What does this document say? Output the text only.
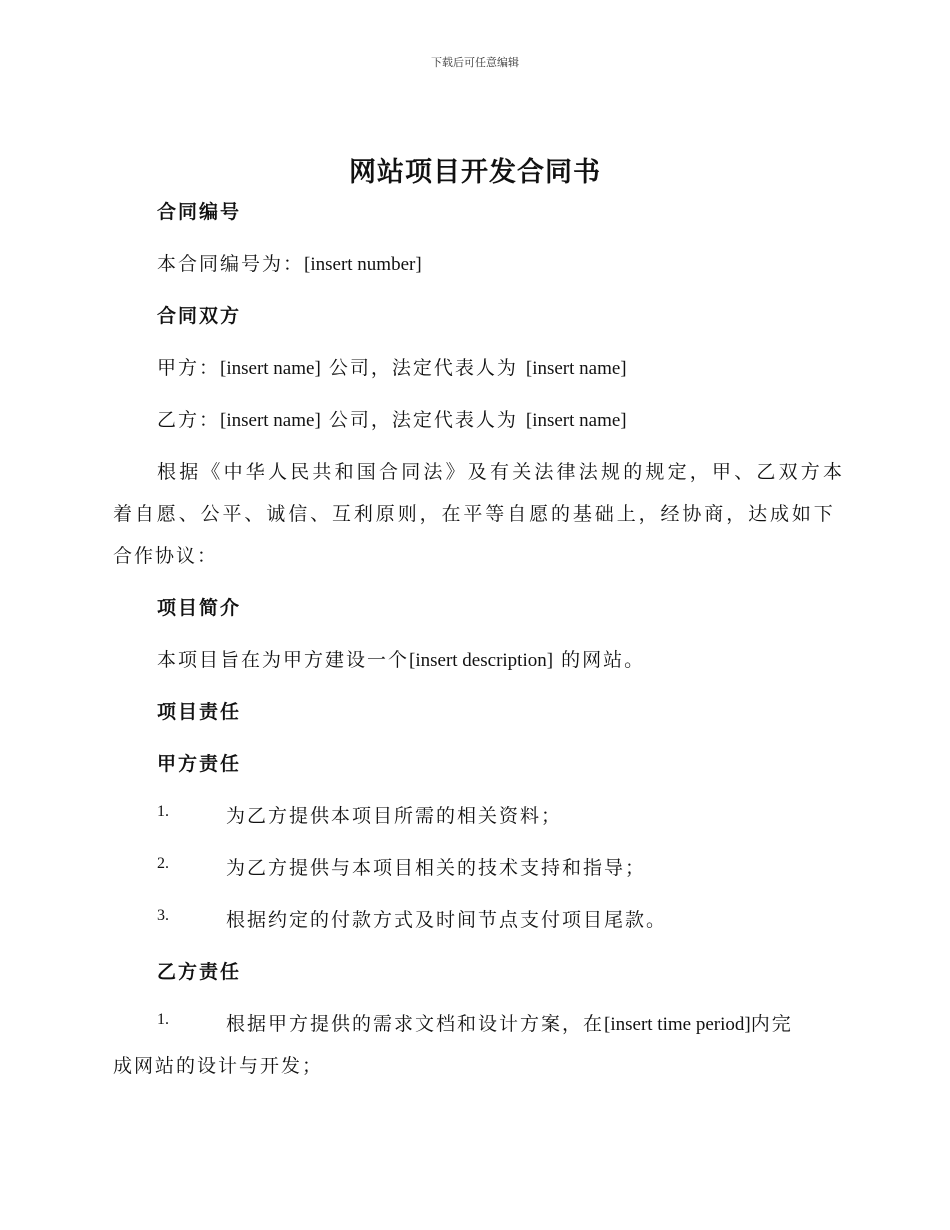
下载后可任意编辑
网站项目开发合同书
合同编号
本合同编号为：[insert number]
合同双方
甲方：[insert name] 公司，法定代表人为 [insert name]
乙方：[insert name] 公司，法定代表人为 [insert name]
根据《中华人民共和国合同法》及有关法律法规的规定，甲、乙双方本
着自愿、公平、诚信、互利原则，在平等自愿的基础上，经协商，达成如下
合作协议：
项目简介
本项目旨在为甲方建设一个[insert description] 的网站。
项目责任
甲方责任
1.	为乙方提供本项目所需的相关资料；
2.	为乙方提供与本项目相关的技术支持和指导；
3.	根据约定的付款方式及时间节点支付项目尾款。
乙方责任
1.	根据甲方提供的需求文档和设计方案，在[insert time period]内完
成网站的设计与开发；
